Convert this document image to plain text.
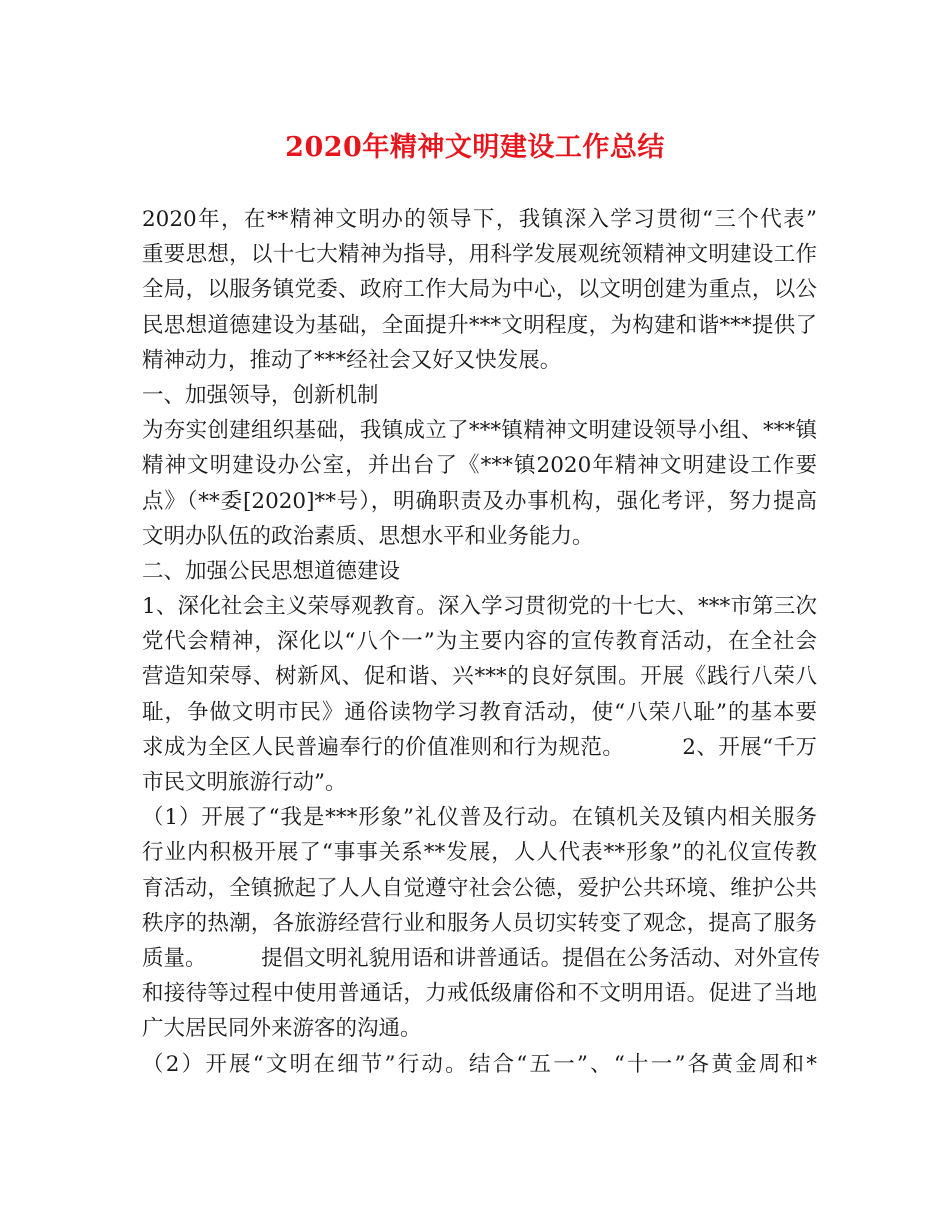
2020年精神文明建设工作总结
2020年，在**精神文明办的领导下，我镇深入学习贯彻“三个代表”
重要思想，以十七大精神为指导，用科学发展观统领精神文明建设工作
全局，以服务镇党委、政府工作大局为中心，以文明创建为重点，以公
民思想道德建设为基础，全面提升***文明程度，为构建和谐***提供了
精神动力，推动了***经社会又好又快发展。
一、加强领导，创新机制
为夯实创建组织基础，我镇成立了***镇精神文明建设领导小组、***镇
精神文明建设办公室，并出台了《***镇2020年精神文明建设工作要
点》（**委[2020]**号），明确职责及办事机构，强化考评，努力提高
文明办队伍的政治素质、思想水平和业务能力。
二、加强公民思想道德建设
1、深化社会主义荣辱观教育。深入学习贯彻党的十七大、***市第三次
党代会精神，深化以“八个一”为主要内容的宣传教育活动，在全社会
营造知荣辱、树新风、促和谐、兴***的良好氛围。开展《践行八荣八
耻，争做文明市民》通俗读物学习教育活动，使“八荣八耻”的基本要
求成为全区人民普遍奉行的价值准则和行为规范。        2、开展“千万
市民文明旅游行动”。
（1）开展了“我是***形象”礼仪普及行动。在镇机关及镇内相关服务
行业内积极开展了“事事关系**发展，人人代表**形象”的礼仪宣传教
育活动，全镇掀起了人人自觉遵守社会公德，爱护公共环境、维护公共
秩序的热潮，各旅游经营行业和服务人员切实转变了观念，提高了服务
质量。        提倡文明礼貌用语和讲普通话。提倡在公务活动、对外宣传
和接待等过程中使用普通话，力戒低级庸俗和不文明用语。促进了当地
广大居民同外来游客的沟通。
（2）开展“文明在细节”行动。结合“五一”、“十一”各黄金周和*
